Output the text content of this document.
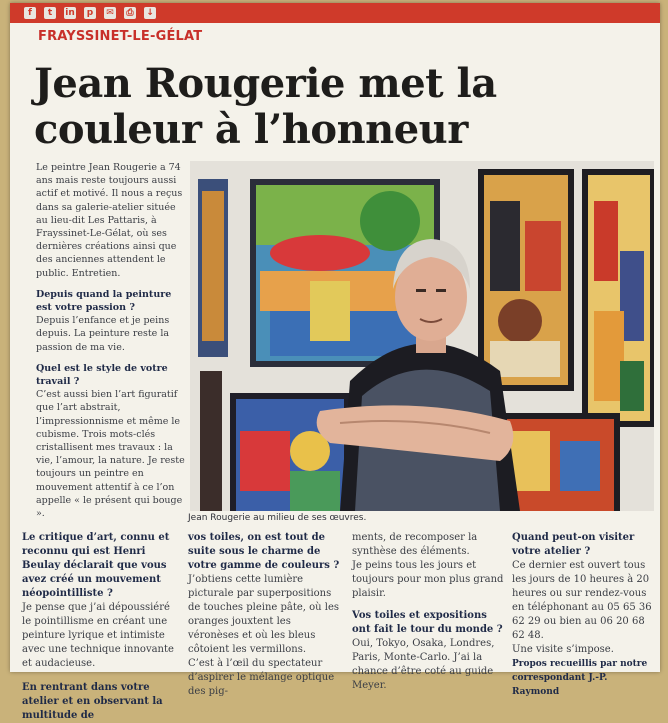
f	t	in	p	✉ ⎙ ↓
FRAYSSINET-LE-GÉLAT
Jean Rougerie met la couleur à l’honneur
Le peintre Jean Rougerie a 74 ans mais reste toujours aussi actif et motivé. Il nous a reçus dans sa galerie-atelier située au lieu-dit Les Pattaris, à Frayssinet-Le-Gélat, où ses dernières créations ainsi que des anciennes attendent le public. Entretien.
Depuis quand la peinture est votre passion ?
Depuis l’enfance et je peins depuis. La peinture reste la passion de ma vie.
Quel est le style de votre travail ?
C’est aussi bien l’art figuratif que l’art abstrait, l’impressionnisme et même le cubisme. Trois mots-clés cristallisent mes travaux : la vie, l’amour, la nature. Je reste toujours un peintre en mouvement attentif à ce l’on appelle « le présent qui bouge ».	Jean Rougerie au milieu de ses œuvres.
Le critique d’art, connu et reconnu qui est Henri Beulay déclarait que vous avez créé un mouvement néopointilliste ?
Je pense que j’ai dépoussiéré le pointillisme en créant une peinture lyrique et intimiste avec une technique innovante et audacieuse.
En rentrant dans votre atelier et en observant la multitude de
vos toiles, on est tout de suite sous le charme de votre gamme de couleurs ?
J’obtiens cette lumière picturale par superpositions de touches pleine pâte, où les oranges jouxtent les véronèses et où les bleus côtoient les vermillons.
C’est à l’œil du spectateur d’aspirer le mélange optique des pig-
ments, de recomposer la synthèse des éléments.
Je peins tous les jours et toujours pour mon plus grand plaisir.
Vos toiles et expositions ont fait le tour du monde ?
Oui, Tokyo, Osaka, Londres, Paris, Monte-Carlo. J’ai la chance d’être coté au guide Meyer.
Quand peut-on visiter votre atelier ?
Ce dernier est ouvert tous les jours de 10 heures à 20 heures ou sur rendez-vous en téléphonant au 05 65 36 62 29 ou bien au 06 20 68 62 48.
Une visite s’impose.
Propos recueillis par notre correspondant J.-P. Raymond
